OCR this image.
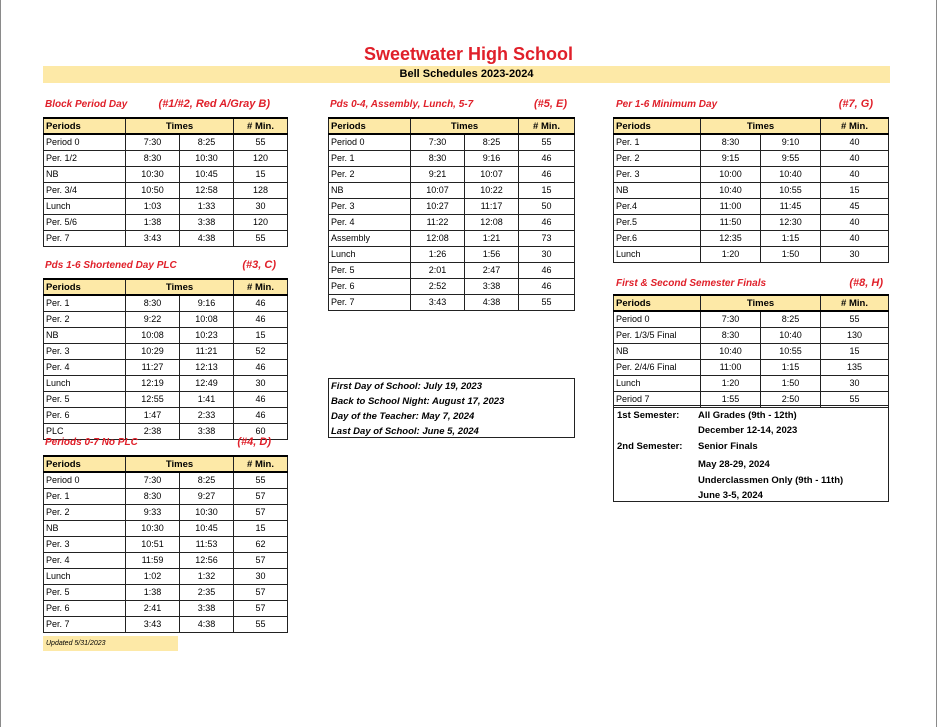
Sweetwater High School
Bell Schedules 2023-2024
Block Period Day	(#1/#2, Red A/Gray B)
Periods	Times		# Min.
Period 0	7:30	8:25	55
Per. 1/2	8:30	10:30	120
NB	10:30	10:45	15
Per. 3/4	10:50	12:58	128
Lunch	1:03	1:33	30
Per. 5/6	1:38	3:38	120
Per. 7	3:43	4:38	55
Pds 1-6 Shortened Day PLC	(#3, C)
Periods	Times		# Min.
Per. 1	8:30	9:16	46
Per. 2	9:22	10:08	46
NB	10:08	10:23	15
Per. 3	10:29	11:21	52
Per. 4	11:27	12:13	46
Lunch	12:19	12:49	30
Per. 5	12:55	1:41	46
Per. 6	1:47	2:33	46
PLC	2:38	3:38	60
Periods 0-7 No PLC	(#4, D)
Periods	Times		# Min.
Period 0	7:30	8:25	55
Per. 1	8:30	9:27	57
Per. 2	9:33	10:30	57
NB	10:30	10:45	15
Per. 3	10:51	11:53	62
Per. 4	11:59	12:56	57
Lunch	1:02	1:32	30
Per. 5	1:38	2:35	57
Per. 6	2:41	3:38	57
Per. 7	3:43	4:38	55
Pds 0-4, Assembly, Lunch, 5-7	(#5, E)
Periods	Times		# Min.
Period 0	7:30	8:25	55
Per. 1	8:30	9:16	46
Per. 2	9:21	10:07	46
NB	10:07	10:22	15
Per. 3	10:27	11:17	50
Per. 4	11:22	12:08	46
Assembly	12:08	1:21	73
Lunch	1:26	1:56	30
Per. 5	2:01	2:47	46
Per. 6	2:52	3:38	46
Per. 7	3:43	4:38	55
First Day of School: July 19, 2023
Back to School Night: August 17, 2023
Day of the Teacher: May 7, 2024
Last Day of School: June 5, 2024
Per 1-6 Minimum Day	(#7, G)
Periods	Times		# Min.
Per. 1	8:30	9:10	40
Per. 2	9:15	9:55	40
Per. 3	10:00	10:40	40
NB	10:40	10:55	15
Per.4	11:00	11:45	45
Per.5	11:50	12:30	40
Per.6	12:35	1:15	40
Lunch	1:20	1:50	30
First & Second Semester Finals	(#8, H)
Periods	Times		# Min.
Period 0	7:30	8:25	55
Per. 1/3/5 Final	8:30	10:40	130
NB	10:40	10:55	15
Per. 2/4/6 Final	11:00	1:15	135
Lunch	1:20	1:50	30
Period 7	1:55	2:50	55
1st Semester: All Grades (9th - 12th)
December 12-14, 2023
2nd Semester: Senior Finals
May 28-29, 2024
Underclassmen Only (9th - 11th)
June 3-5, 2024
Updated 5/31/2023
